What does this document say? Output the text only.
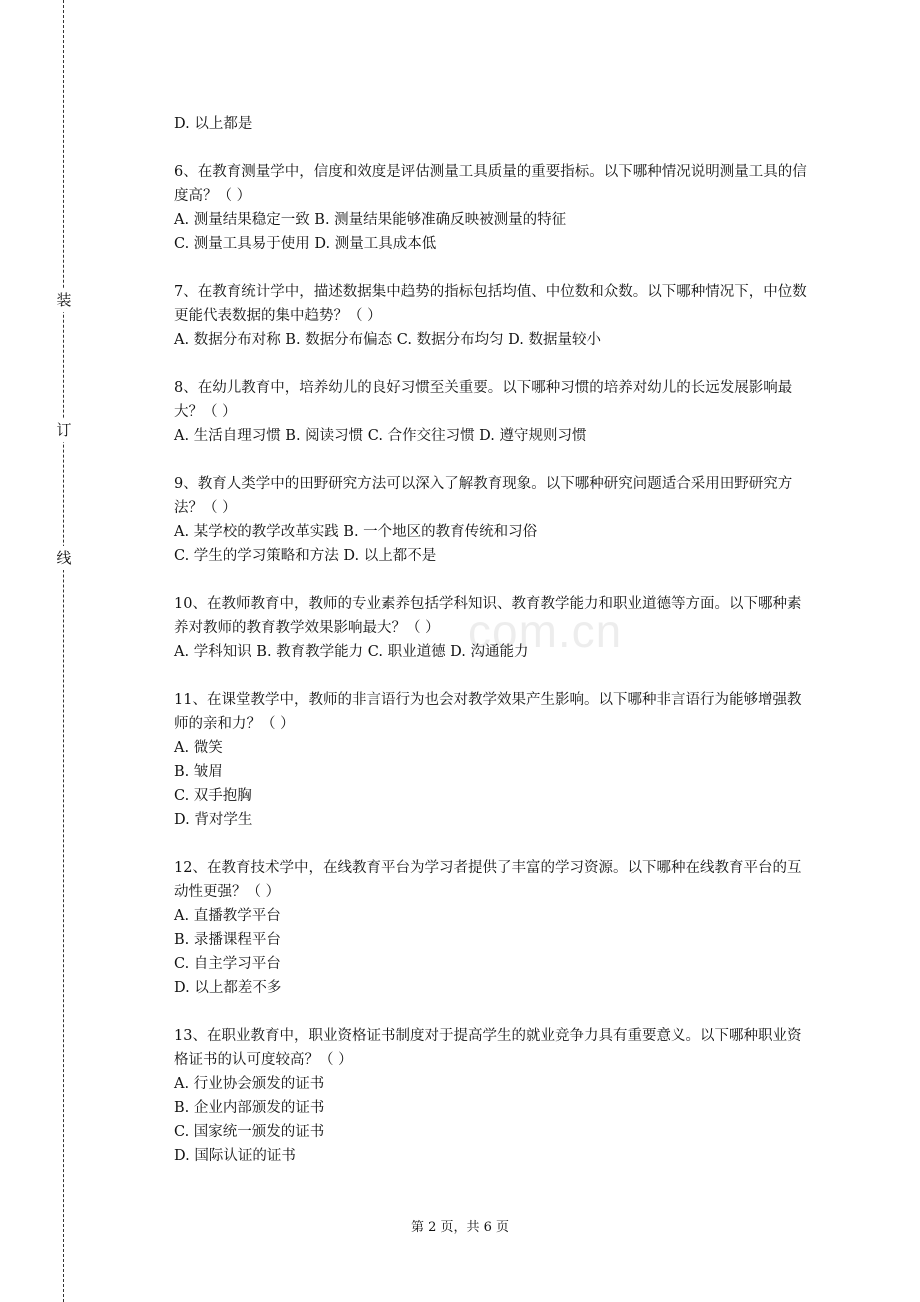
装
订
线
com.cn

D. 以上都是

6、在教育测量学中，信度和效度是评估测量工具质量的重要指标。以下哪种情况说明测量工具的信度高？（ ）

A. 测量结果稳定一致 B. 测量结果能够准确反映被测量的特征

C. 测量工具易于使用 D. 测量工具成本低

7、在教育统计学中，描述数据集中趋势的指标包括均值、中位数和众数。以下哪种情况下，中位数更能代表数据的集中趋势？（ ）

A. 数据分布对称 B. 数据分布偏态 C. 数据分布均匀 D. 数据量较小

8、在幼儿教育中，培养幼儿的良好习惯至关重要。以下哪种习惯的培养对幼儿的长远发展影响最大？（ ）

A. 生活自理习惯 B. 阅读习惯 C. 合作交往习惯 D. 遵守规则习惯

9、教育人类学中的田野研究方法可以深入了解教育现象。以下哪种研究问题适合采用田野研究方法？（ ）

A. 某学校的教学改革实践 B. 一个地区的教育传统和习俗

C. 学生的学习策略和方法 D. 以上都不是

10、在教师教育中，教师的专业素养包括学科知识、教育教学能力和职业道德等方面。以下哪种素养对教师的教育教学效果影响最大？（ ）

A. 学科知识 B. 教育教学能力 C. 职业道德 D. 沟通能力

11、在课堂教学中，教师的非言语行为也会对教学效果产生影响。以下哪种非言语行为能够增强教师的亲和力？（ ）

A. 微笑

B. 皱眉

C. 双手抱胸

D. 背对学生

12、在教育技术学中，在线教育平台为学习者提供了丰富的学习资源。以下哪种在线教育平台的互动性更强？（ ）

A. 直播教学平台

B. 录播课程平台

C. 自主学习平台

D. 以上都差不多

13、在职业教育中，职业资格证书制度对于提高学生的就业竞争力具有重要意义。以下哪种职业资格证书的认可度较高？（ ）

A. 行业协会颁发的证书

B. 企业内部颁发的证书

C. 国家统一颁发的证书

D. 国际认证的证书

第 2 页，共 6 页
